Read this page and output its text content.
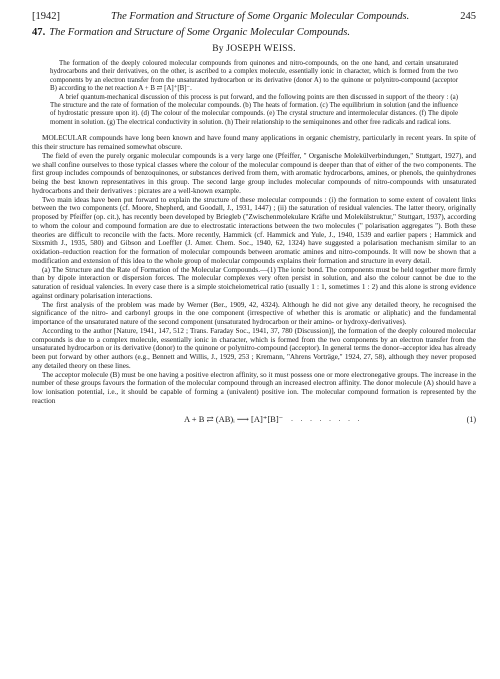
[1942]	The Formation and Structure of Some Organic Molecular Compounds.	245
47. The Formation and Structure of Some Organic Molecular Compounds.
By JOSEPH WEISS.

The formation of the deeply coloured molecular compounds from quinones and nitro-compounds, on the one hand, and certain unsaturated hydrocarbons and their derivatives, on the other, is ascribed to a complex molecule, essentially ionic in character, which is formed from the two components by an electron transfer from the unsaturated hydrocarbon or its derivative (donor A) to the quinone or polynitro-compound (acceptor B) according to the net reaction A + B ⇄ [A]⁺[B]⁻.

A brief quantum-mechanical discussion of this process is put forward, and the following points are then discussed in support of the theory : (a) The structure and the rate of formation of the molecular compounds. (b) The heats of formation. (c) The equilibrium in solution (and the influence of hydrostatic pressure upon it). (d) The colour of the molecular compounds. (e) The crystal structure and intermolecular distances. (f) The dipole moment in solution. (g) The electrical conductivity in solution. (h) Their relationship to the semiquinones and other free radicals and radical ions.

MOLECULAR compounds have long been known and have found many applications in organic chemistry, particularly in recent years. In spite of this their structure has remained somewhat obscure.

The field of even the purely organic molecular compounds is a very large one (Pfeiffer, " Organische Molekülverbindungen," Stuttgart, 1927), and we shall confine ourselves to those typical classes where the colour of the molecular compound is deeper than that of either of the two components. The first group includes compounds of benzoquinones, or substances derived from them, with aromatic hydrocarbons, amines, or phenols, the quinhydrones being the best known representatives in this group. The second large group includes molecular compounds of nitro-compounds with unsaturated hydrocarbons and their derivatives : picrates are a well-known example.

Two main ideas have been put forward to explain the structure of these molecular compounds : (i) the formation to some extent of covalent links between the two components (cf. Moore, Shepherd, and Goodall, J., 1931, 1447) ; (ii) the saturation of residual valencies. The latter theory, originally proposed by Pfeiffer (op. cit.), has recently been developed by Briegleb ("Zwischenmolekulare Kräfte und Molekülstruktur," Stuttgart, 1937), according to whom the colour and compound formation are due to electrostatic interactions between the two molecules (" polarisation aggregates "). Both these theories are difficult to reconcile with the facts. More recently, Hammick (cf. Hammick and Yule, J., 1940, 1539 and earlier papers ; Hammick and Sixsmith J., 1935, 580) and Gibson and Loeffler (J. Amer. Chem. Soc., 1940, 62, 1324) have suggested a polarisation mechanism similar to an oxidation–reduction reaction for the formation of molecular compounds between aromatic amines and nitro-compounds. It will now be shown that a modification and extension of this idea to the whole group of molecular compounds explains their formation and structure in every detail.

(a) The Structure and the Rate of Formation of the Molecular Compounds.—(1) The ionic bond. The components must be held together more firmly than by dipole interaction or dispersion forces. The molecular complexes very often persist in solution, and also the colour cannot be due to the saturation of residual valencies. In every case there is a simple stoicheiometrical ratio (usually 1 : 1, sometimes 1 : 2) and this alone is strong evidence against ordinary polarisation interactions.

The first analysis of the problem was made by Werner (Ber., 1909, 42, 4324). Although he did not give any detailed theory, he recognised the significance of the nitro- and carbonyl groups in the one component (irrespective of whether this is aromatic or aliphatic) and the fundamental importance of the unsaturated nature of the second component (unsaturated hydrocarbon or their amino- or hydroxy-derivatives).

According to the author [Nature, 1941, 147, 512 ; Trans. Faraday Soc., 1941, 37, 780 (Discussion)], the formation of the deeply coloured molecular compounds is due to a complex molecule, essentially ionic in character, which is formed from the two components by an electron transfer from the unsaturated hydrocarbon or its derivative (donor) to the quinone or polynitro-compound (acceptor). In general terms the donor–acceptor idea has already been put forward by other authors (e.g., Bennett and Willis, J., 1929, 253 ; Kremann, "Ahrens Vorträge," 1924, 27, 58), although they never proposed any detailed theory on these lines.

The acceptor molecule (B) must be one having a positive electron affinity, so it must possess one or more electronegative groups. The increase in the number of these groups favours the formation of the molecular compound through an increased electron affinity. The donor molecule (A) should have a low ionisation potential, i.e., it should be capable of forming a (univalent) positive ion. The molecular compound formation is represented by the reaction

A + B ⇄ (AB)ᵢ ⟶ [A]⁺[B]⁻ . . . . . . . .	(1)
